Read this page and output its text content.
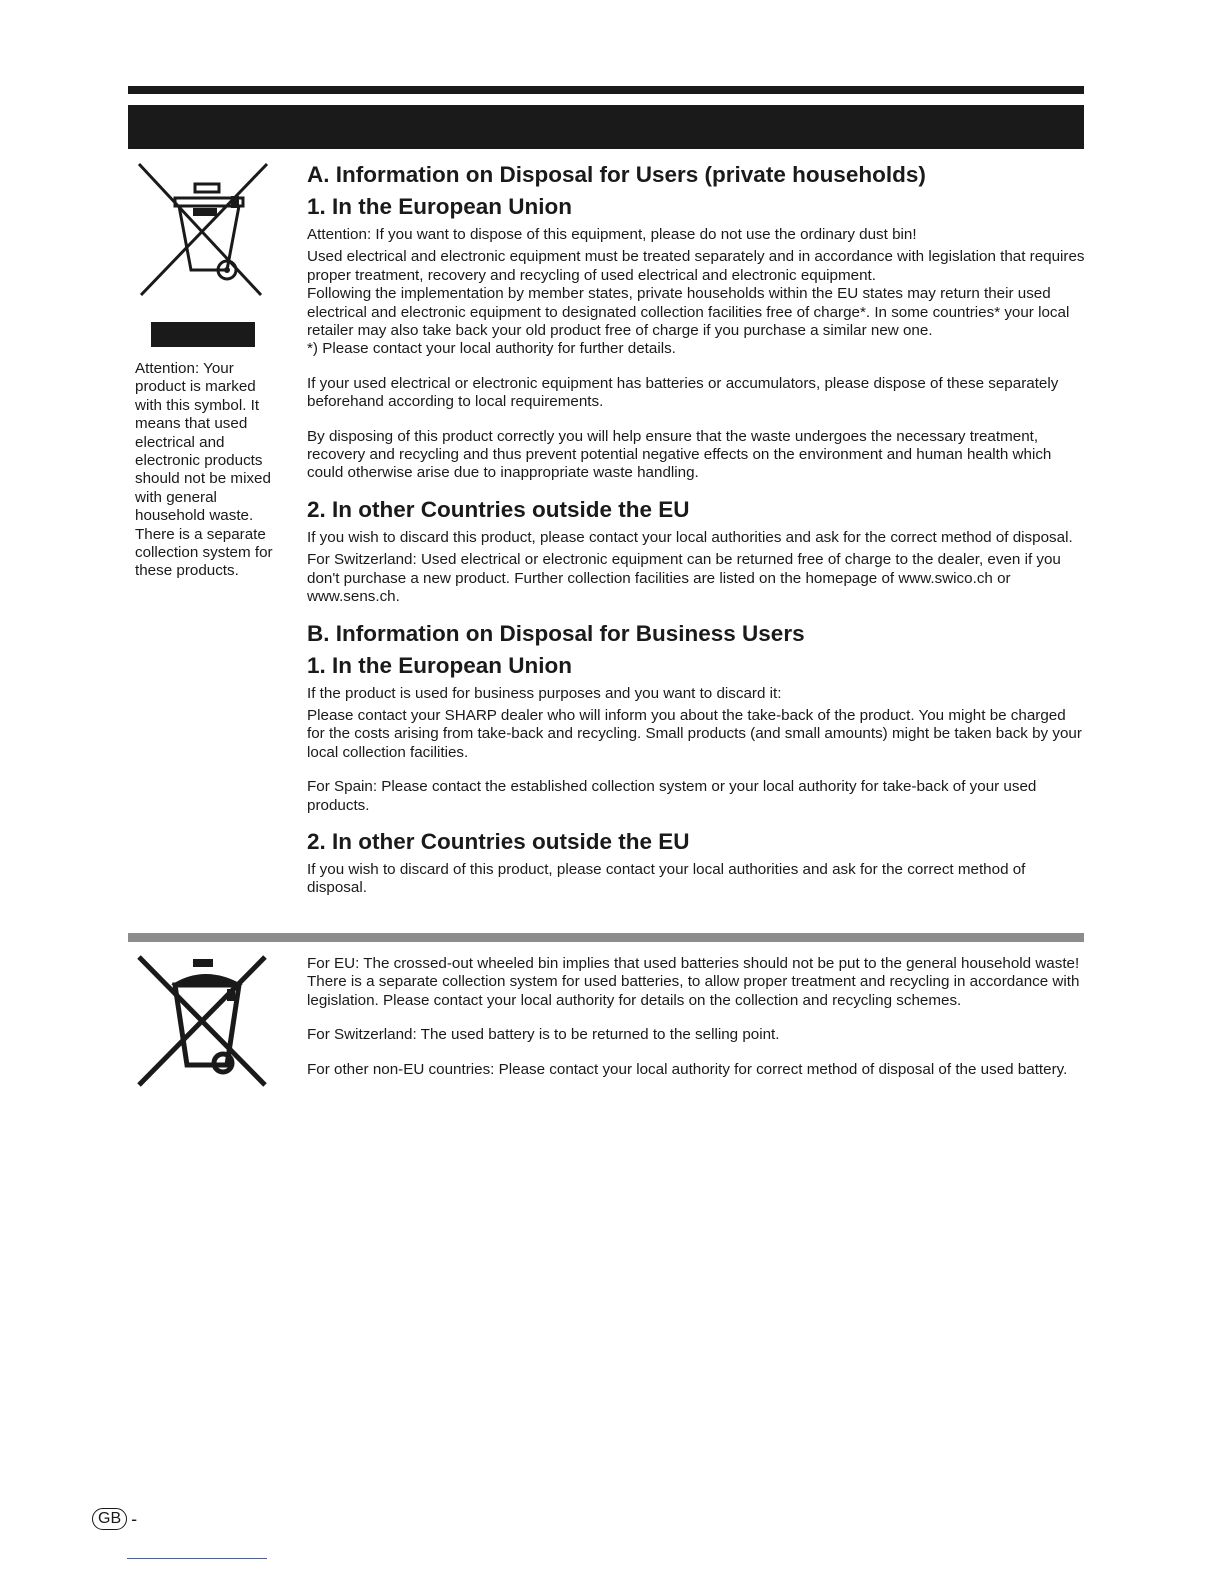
Attention: Your product is marked with this symbol. It means that used electrical and electronic products should not be mixed with general household waste. There is a separate collection system for these products.
A. Information on Disposal for Users (private households)
1. In the European Union

Attention: If you want to dispose of this equipment, please do not use the ordinary dust bin!

Used electrical and electronic equipment must be treated separately and in accordance with legislation that requires proper treatment, recovery and recycling of used electrical and electronic equipment.

Following the implementation by member states, private households within the EU states may return their used electrical and electronic equipment to designated collection facilities free of charge*. In some countries* your local retailer may also take back your old product free of charge if you purchase a similar new one.

*) Please contact your local authority for further details.

If your used electrical or electronic equipment has batteries or accumulators, please dispose of these separately beforehand according to local requirements.

By disposing of this product correctly you will help ensure that the waste undergoes the necessary treatment, recovery and recycling and thus prevent potential negative effects on the environment and human health which could otherwise arise due to inappropriate waste handling.

2. In other Countries outside the EU

If you wish to discard this product, please contact your local authorities and ask for the correct method of disposal.

For Switzerland: Used electrical or electronic equipment can be returned free of charge to the dealer, even if you don't purchase a new product. Further collection facilities are listed on the homepage of www.swico.ch or www.sens.ch.

B. Information on Disposal for Business Users
1. In the European Union

If the product is used for business purposes and you want to discard it:

Please contact your SHARP dealer who will inform you about the take-back of the product. You might be charged for the costs arising from take-back and recycling. Small products (and small amounts) might be taken back by your local collection facilities.

For Spain: Please contact the established collection system or your local authority for take-back of your used products.

2. In other Countries outside the EU

If you wish to discard of this product, please contact your local authorities and ask for the correct method of disposal.

For EU: The crossed-out wheeled bin implies that used batteries should not be put to the general household waste! There is a separate collection system for used batteries, to allow proper treatment and recycling in accordance with legislation. Please contact your local authority for details on the collection and recycling schemes.

For Switzerland: The used battery is to be returned to the selling point.

For other non-EU countries: Please contact your local authority for correct method of disposal of the used battery.

GB -
